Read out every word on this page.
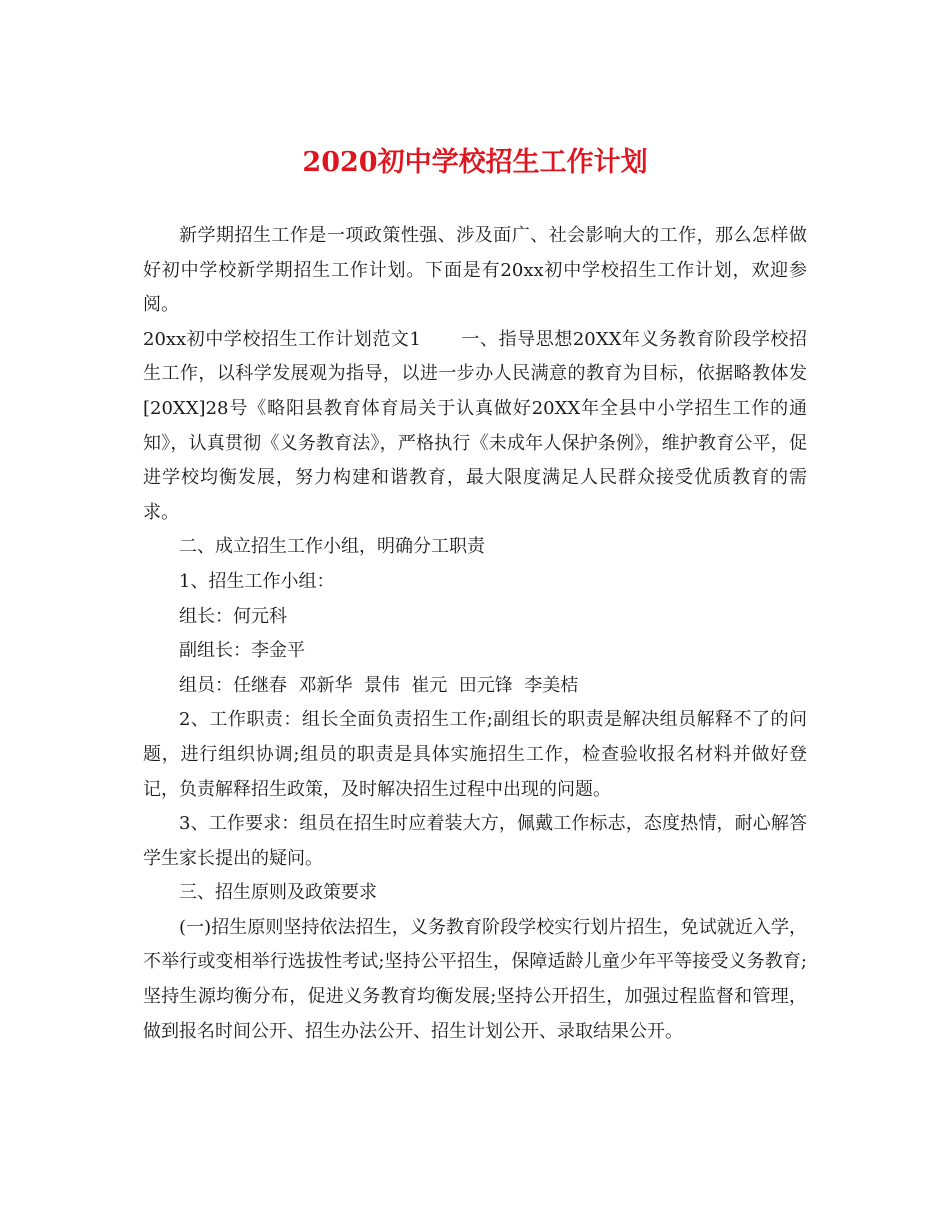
2020初中学校招生工作计划

新学期招生工作是一项政策性强、涉及面广、社会影响大的工作，那么怎样做好初中学校新学期招生工作计划。下面是有20xx初中学校招生工作计划，欢迎参阅。

20xx初中学校招生工作计划范文1 一、指导思想20XX年义务教育阶段学校招生工作，以科学发展观为指导，以进一步办人民满意的教育为目标，依据略教体发[20XX]28号《略阳县教育体育局关于认真做好20XX年全县中小学招生工作的通知》，认真贯彻《义务教育法》，严格执行《未成年人保护条例》，维护教育公平，促进学校均衡发展，努力构建和谐教育，最大限度满足人民群众接受优质教育的需求。

二、成立招生工作小组，明确分工职责

1、招生工作小组：

组长：何元科

副组长：李金平

组员：任继春  邓新华  景伟  崔元  田元锋  李美桔

2、工作职责：组长全面负责招生工作;副组长的职责是解决组员解释不了的问题，进行组织协调;组员的职责是具体实施招生工作，检查验收报名材料并做好登记，负责解释招生政策，及时解决招生过程中出现的问题。

3、工作要求：组员在招生时应着装大方，佩戴工作标志，态度热情，耐心解答学生家长提出的疑问。

三、招生原则及政策要求

(一)招生原则坚持依法招生，义务教育阶段学校实行划片招生，免试就近入学，不举行或变相举行选拔性考试;坚持公平招生，保障适龄儿童少年平等接受义务教育;坚持生源均衡分布，促进义务教育均衡发展;坚持公开招生，加强过程监督和管理，做到报名时间公开、招生办法公开、招生计划公开、录取结果公开。
